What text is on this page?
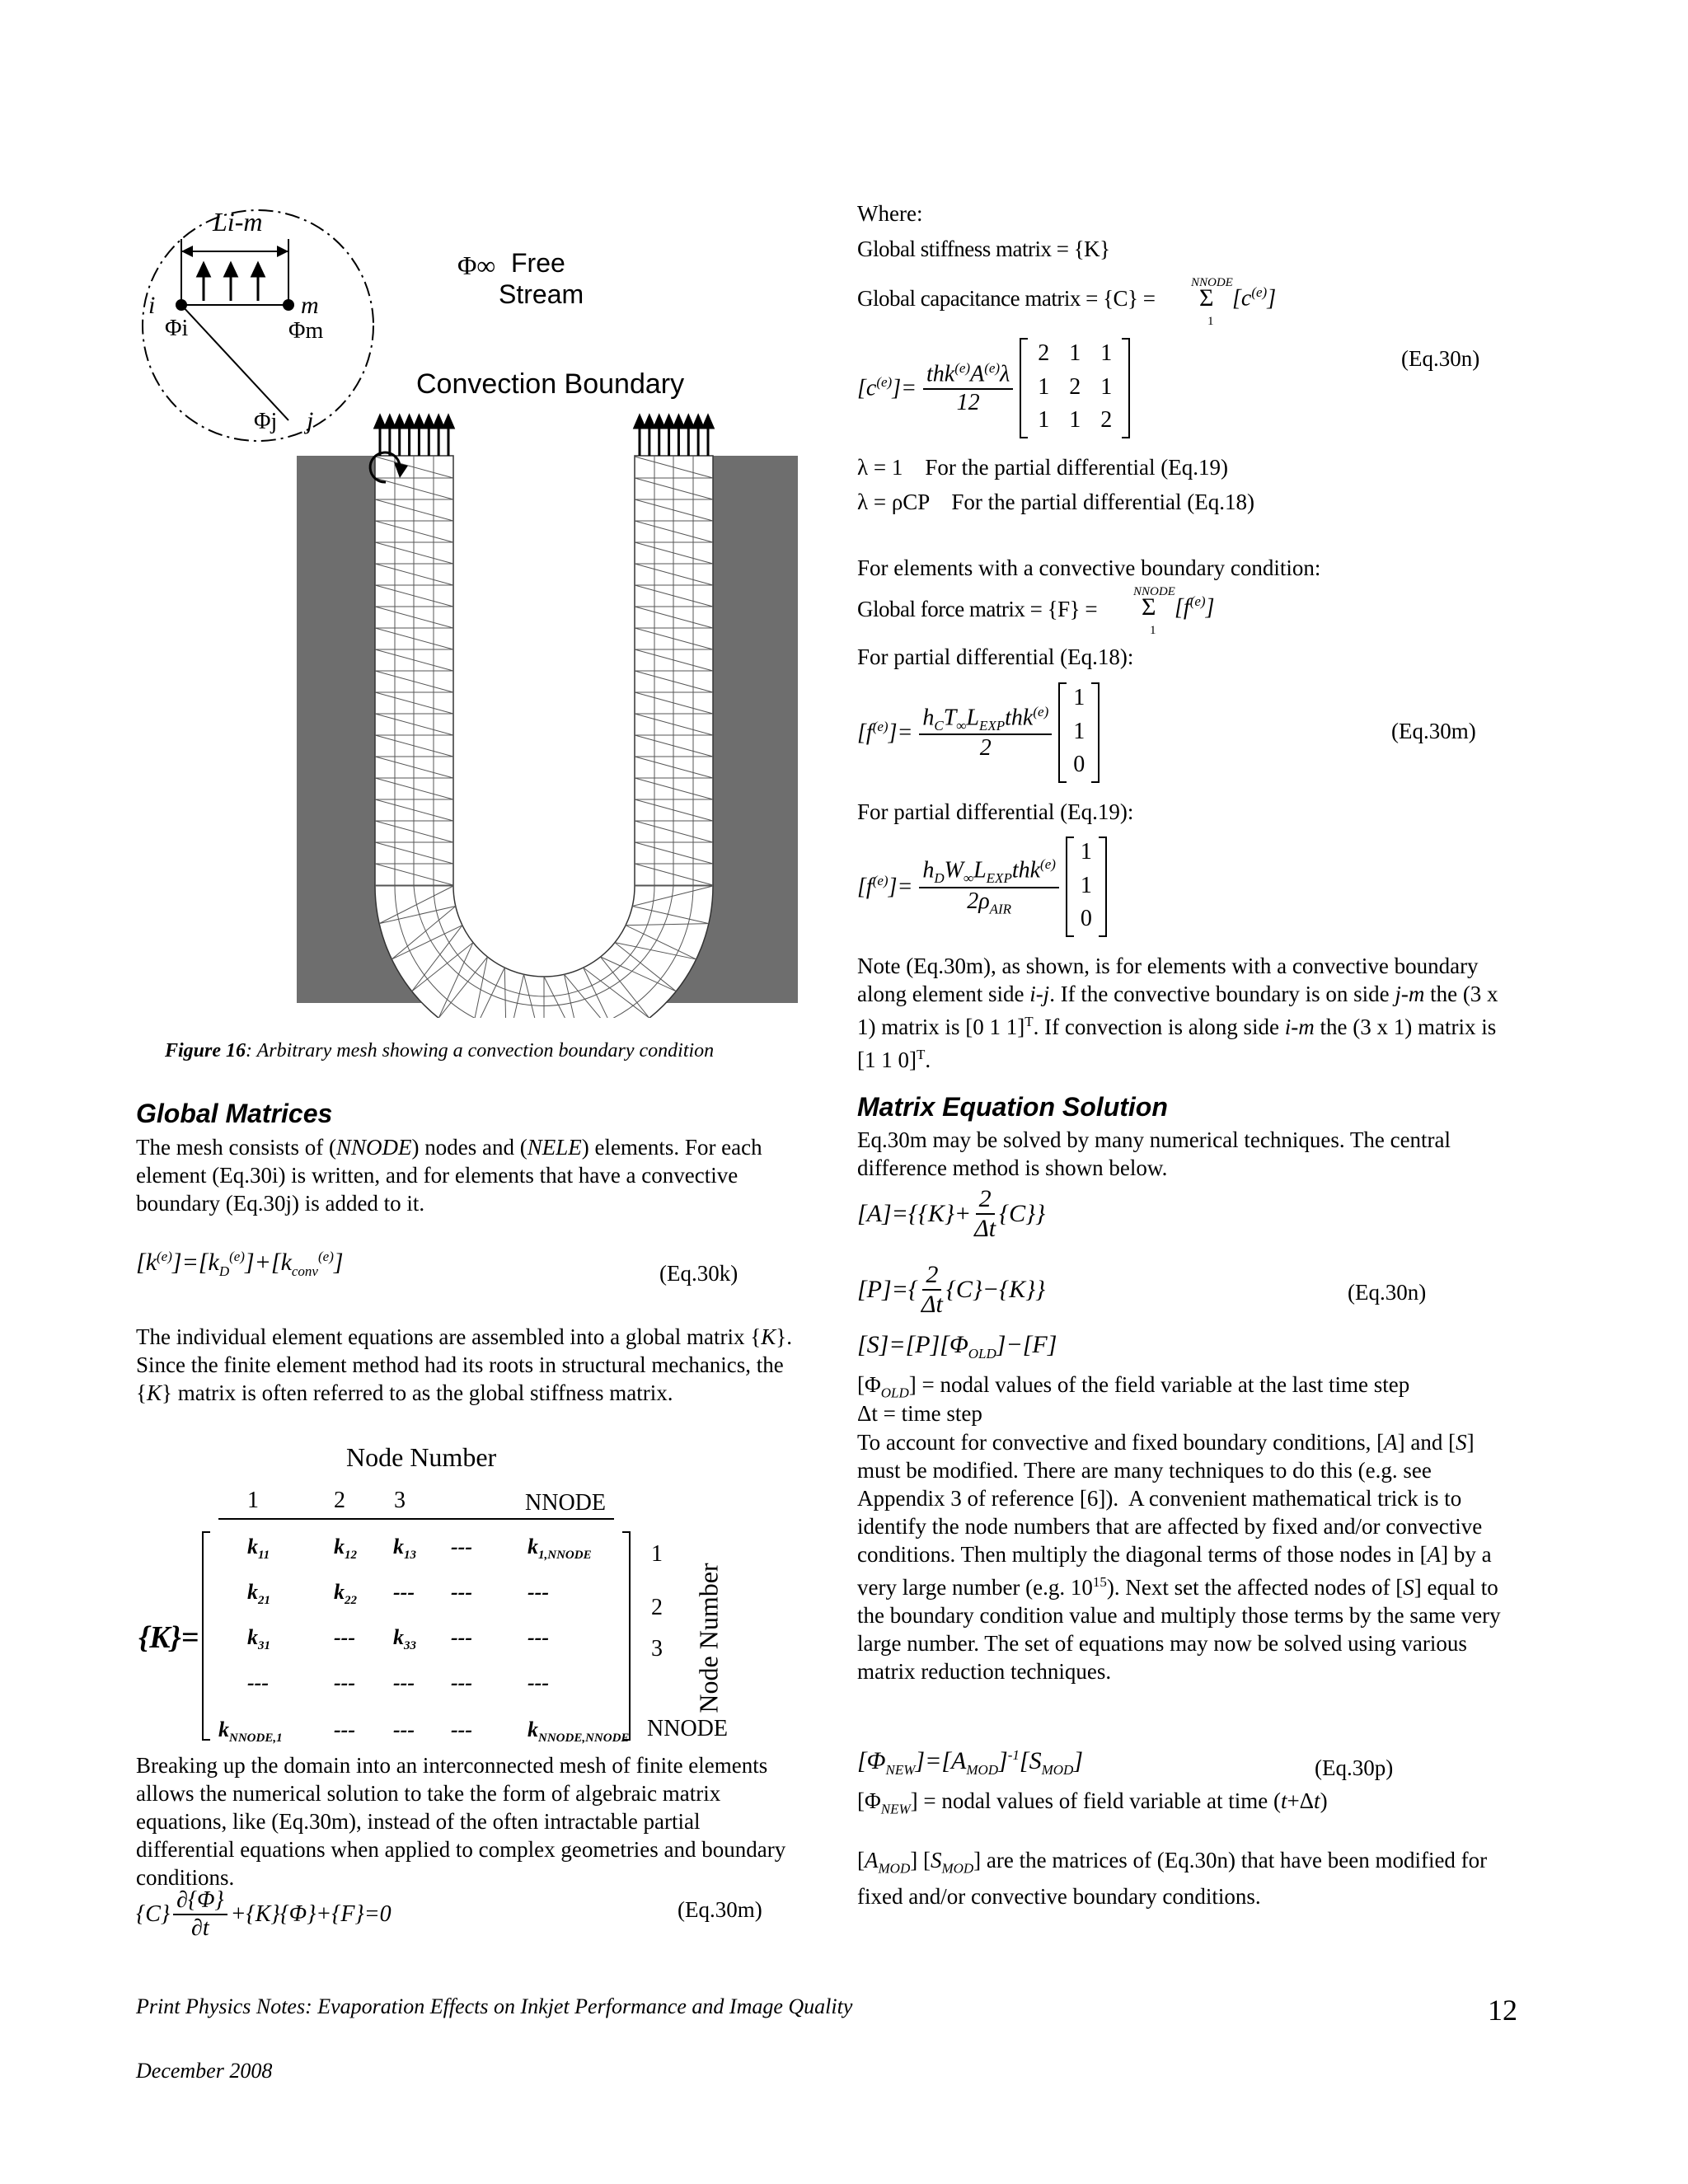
Li-m
i	m
Φi	Φm
Φj j
Φ∞ Free
Stream
Convection Boundary
Figure 16: Arbitrary mesh showing a convection boundary condition
Global Matrices
The mesh consists of (NNODE) nodes and (NELE) elements. For each element (Eq.30i) is written, and for elements that have a convective boundary (Eq.30j) is added to it.
$[k^{(e)}]=[k_D^{(e)}]+[k_{conv}^{(e)}]$	(Eq.30k)
The individual element equations are assembled into a global matrix {K}. Since the finite element method had its roots in structural mechanics, the {K} matrix is often referred to as the global stiffness matrix.
Node Number
1	2 3	NNODE
{K}=
$k_{11}$	$k_{12}$ $k_{13}$ ---	$k_{1,NNODE}$
$k_{21}$	$k_{22}$ --- ---	---
$k_{31}$	--- $k_{33}$ ---	---
---	--- --- ---	---
$k_{NNODE,1}$ --- --- ---	$k_{NNODE,NNODE}$
1
2
3
NNODE
Node Number
Breaking up the domain into an interconnected mesh of finite elements allows the numerical solution to take the form of algebraic matrix equations, like (Eq.30m), instead of the often intractable partial differential equations when applied to complex geometries and boundary conditions.
$\{C\} \frac{\partial\{\Phi\}}{\partial t} +\{K\}\{\Phi\}+\{F\}=0$	(Eq.30m)
Where:
Global stiffness matrix = {K}
Global capacitance matrix = {C} =
NNODE
Σ
1
$[c^{(e)}]$
$[c^{(e)}]= \frac{thk^{(e)}A^{(e)}\lambda}{12}$
2 1 1
1 2 1
1 1 2
(Eq.30n)
λ = 1    For the partial differential (Eq.19)
λ = ρCP    For the partial differential (Eq.18)
For elements with a convective boundary condition:
Global force matrix = {F} =
NNODE
Σ
1
$[f^{(e)}]$
For partial differential (Eq.18):
$[f^{(e)}]= \frac{h_CT_\infty L_{EXP}thk^{(e)}}{2}$
1
1
0
(Eq.30m)
For partial differential (Eq.19):
$[f^{(e)}]= \frac{h_DW_\infty L_{EXP}thk^{(e)}}{2\rho_{AIR}}$
1
1
0
Note (Eq.30m), as shown, is for elements with a convective boundary along element side i-j. If the convective boundary is on side j-m the (3 x 1) matrix is [0 1 1]$^T$. If convection is along side i-m the (3 x 1) matrix is [1 1 0]$^T$.
Matrix Equation Solution
Eq.30m may be solved by many numerical techniques. The central difference method is shown below.
$[A]=\{\{K\}+ \frac{2}{\Delta t} \{C\}\}$
$[P]=\{ \frac{2}{\Delta t} \{C\}-\{K\}\}$	(Eq.30n)
$[S]=[P][\Phi_{OLD}]-[F]$
$[\Phi_{OLD}]$ = nodal values of the field variable at the last time step
Δt = time step
To account for convective and fixed boundary conditions, [A] and [S] must be modified. There are many techniques to do this (e.g. see Appendix 3 of reference [6]).  A convenient mathematical trick is to identify the node numbers that are affected by fixed and/or convective conditions. Then multiply the diagonal terms of those nodes in [A] by a very large number (e.g. $10^{15}$). Next set the affected nodes of [S] equal to the boundary condition value and multiply those terms by the same very large number. The set of equations may now be solved using various matrix reduction techniques.
$[\Phi_{NEW}]=[A_{MOD}]^{-1}[S_{MOD}]$	(Eq.30p)
$[\Phi_{NEW}]$ = nodal values of field variable at time (t+Δt)
$[A_{MOD}]$ $[S_{MOD}]$ are the matrices of (Eq.30n) that have been modified for fixed and/or convective boundary conditions.
Print Physics Notes: Evaporation Effects on Inkjet Performance and Image Quality	12
December 2008
